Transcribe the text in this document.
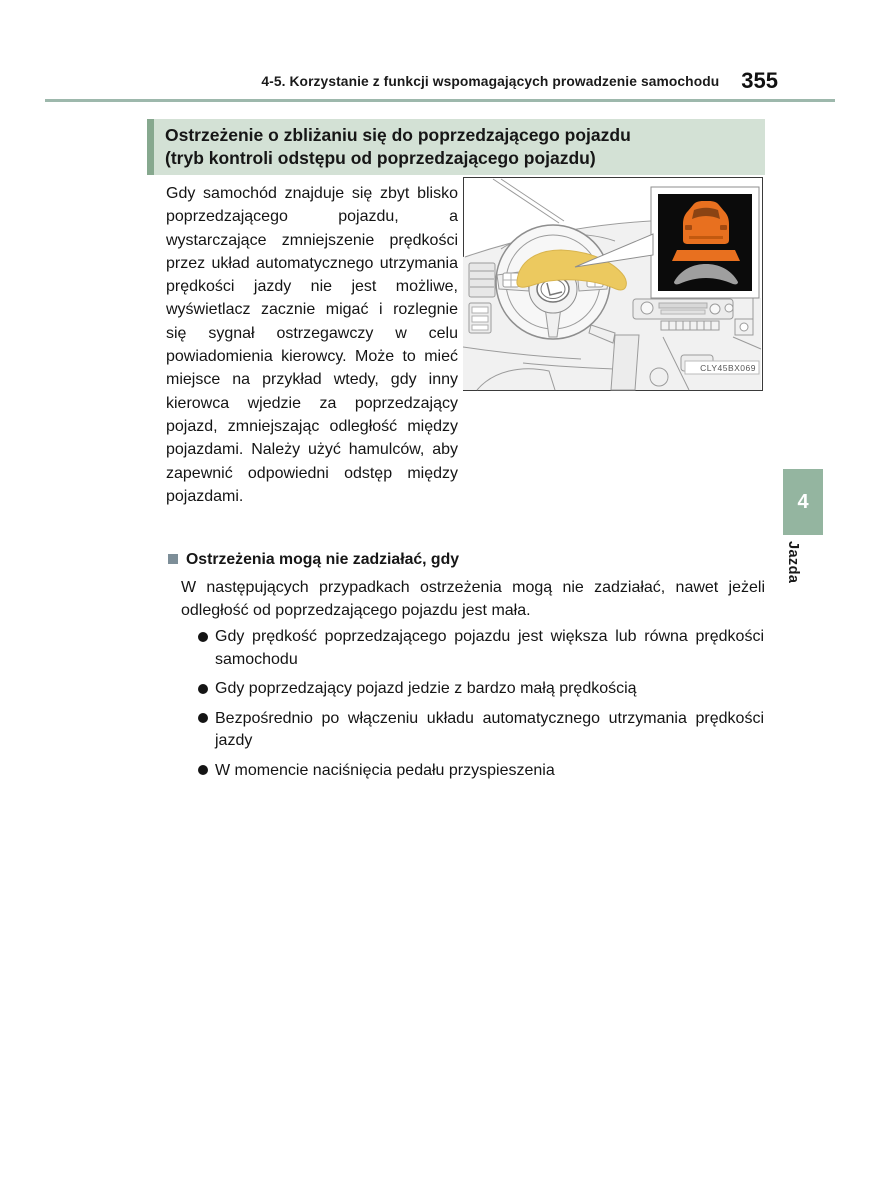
4-5. Korzystanie z funkcji wspomagających prowadzenie samochodu 355
Ostrzeżenie o zbliżaniu się do poprzedzającego pojazdu
(tryb kontroli odstępu od poprzedzającego pojazdu)

Gdy samochód znajduje się zbyt blisko poprzedzającego pojazdu, a wystarczające zmniejszenie prędkości przez układ automatycznego utrzymania prędkości jazdy nie jest możliwe, wyświetlacz zacznie migać i rozlegnie się sygnał ostrzegawczy w celu powiadomienia kierowcy. Może to mieć miejsce na przykład wtedy, gdy inny kierowca wjedzie za poprzedzający pojazd, zmniejszając odległość między pojazdami. Należy użyć hamulców, aby zapewnić odpowiedni odstęp między pojazdami.

CLY45BX069
4
Jazda
Ostrzeżenia mogą nie zadziałać, gdy

W następujących przypadkach ostrzeżenia mogą nie zadziałać, nawet jeżeli odległość od poprzedzającego pojazdu jest mała.

Gdy prędkość poprzedzającego pojazdu jest większa lub równa prędkości samochodu
Gdy poprzedzający pojazd jedzie z bardzo małą prędkością
Bezpośrednio po włączeniu układu automatycznego utrzymania prędkości jazdy
W momencie naciśnięcia pedału przyspieszenia
